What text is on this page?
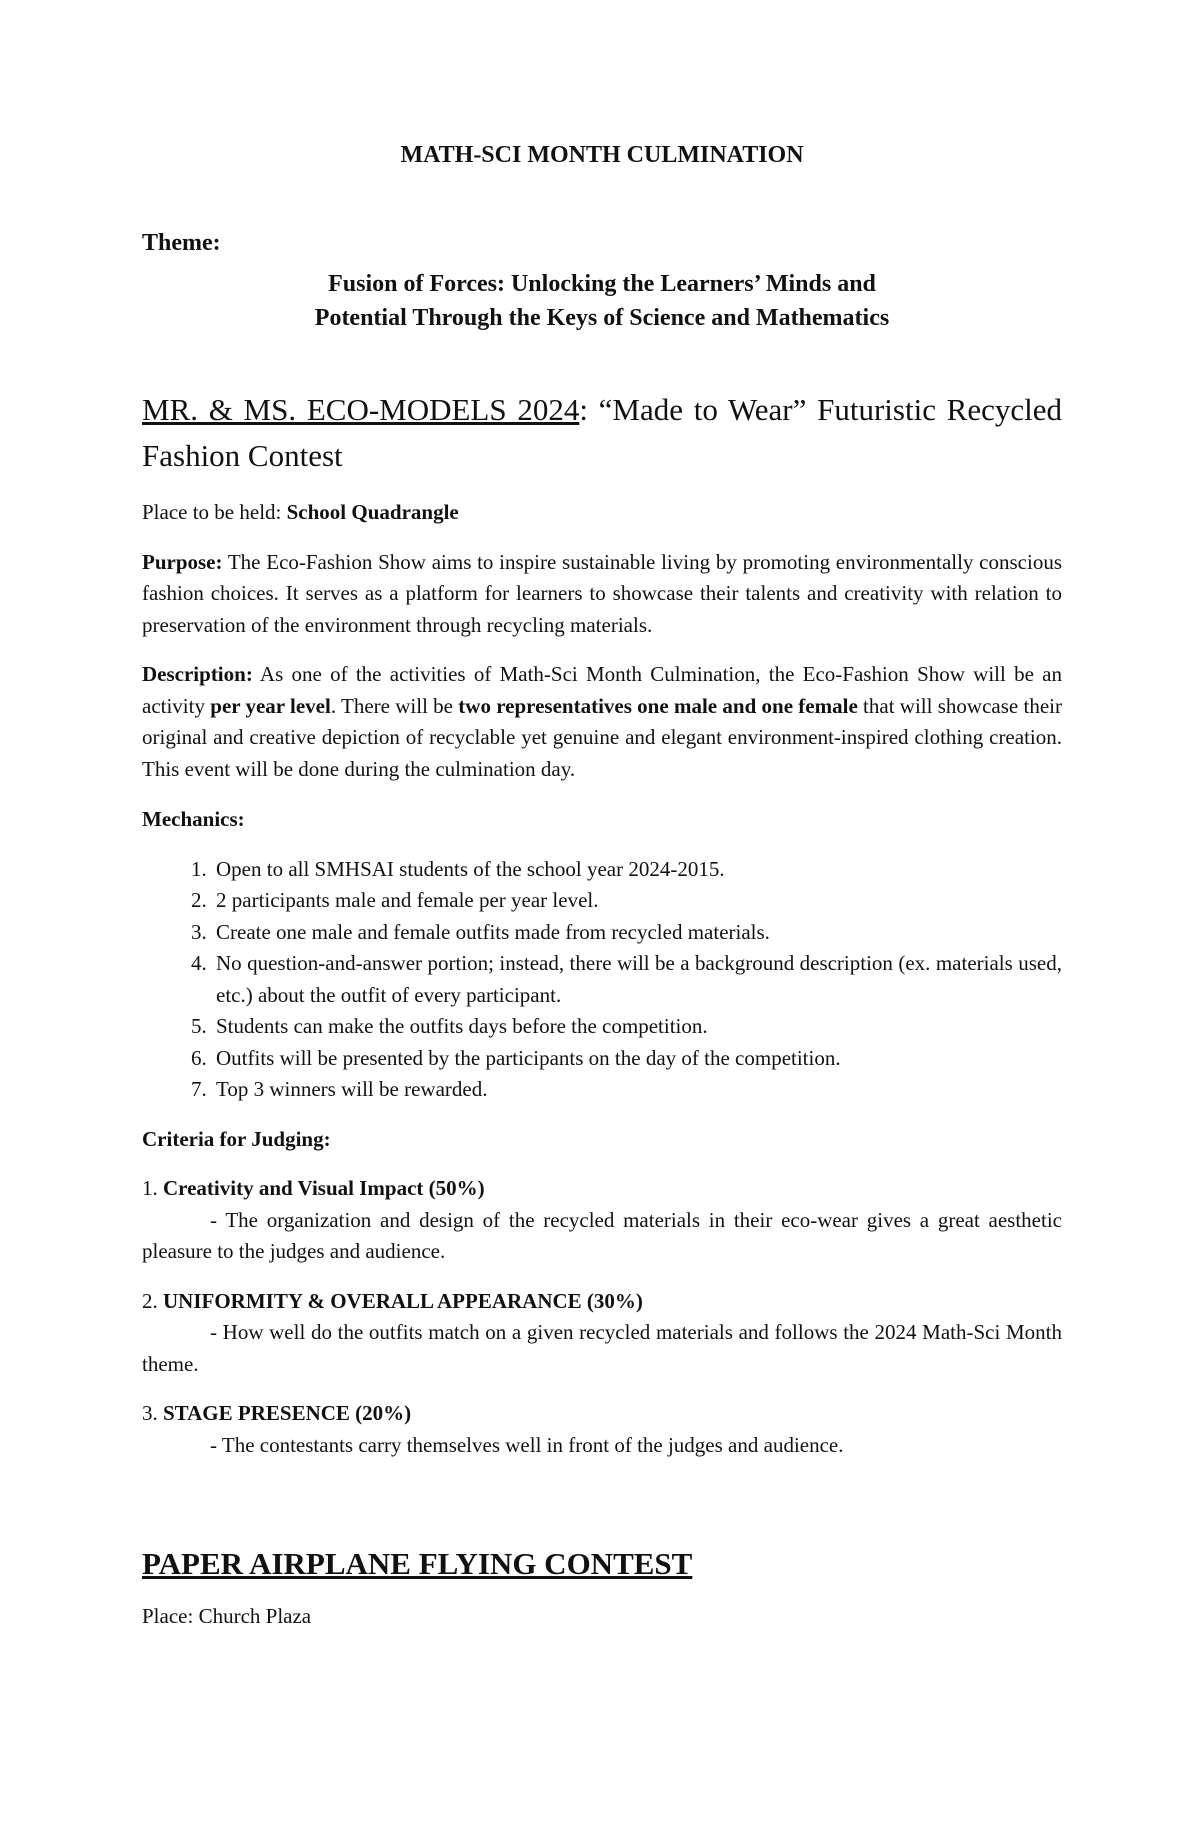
MATH-SCI MONTH CULMINATION
Theme:
Fusion of Forces: Unlocking the Learners’ Minds and
Potential Through the Keys of Science and Mathematics
MR. & MS. ECO-MODELS 2024: “Made to Wear” Futuristic Recycled Fashion Contest

Place to be held: School Quadrangle

Purpose: The Eco-Fashion Show aims to inspire sustainable living by promoting environmentally conscious fashion choices. It serves as a platform for learners to showcase their talents and creativity with relation to preservation of the environment through recycling materials.

Description: As one of the activities of Math-Sci Month Culmination, the Eco-Fashion Show will be an activity per year level. There will be two representatives one male and one female that will showcase their original and creative depiction of recyclable yet genuine and elegant environment-inspired clothing creation. This event will be done during the culmination day.

Mechanics:

1. Open to all SMHSAI students of the school year 2024-2015.
2. 2 participants male and female per year level.
3. Create one male and female outfits made from recycled materials.
4. No question-and-answer portion; instead, there will be a background description (ex. materials used, etc.) about the outfit of every participant.
5. Students can make the outfits days before the competition.
6. Outfits will be presented by the participants on the day of the competition.
7. Top 3 winners will be rewarded.

Criteria for Judging:

1. Creativity and Visual Impact (50%)
- The organization and design of the recycled materials in their eco-wear gives a great aesthetic pleasure to the judges and audience.
2. UNIFORMITY & OVERALL APPEARANCE (30%)
- How well do the outfits match on a given recycled materials and follows the 2024 Math-Sci Month theme.
3. STAGE PRESENCE (20%)
- The contestants carry themselves well in front of the judges and audience.
PAPER AIRPLANE FLYING CONTEST

Place: Church Plaza
